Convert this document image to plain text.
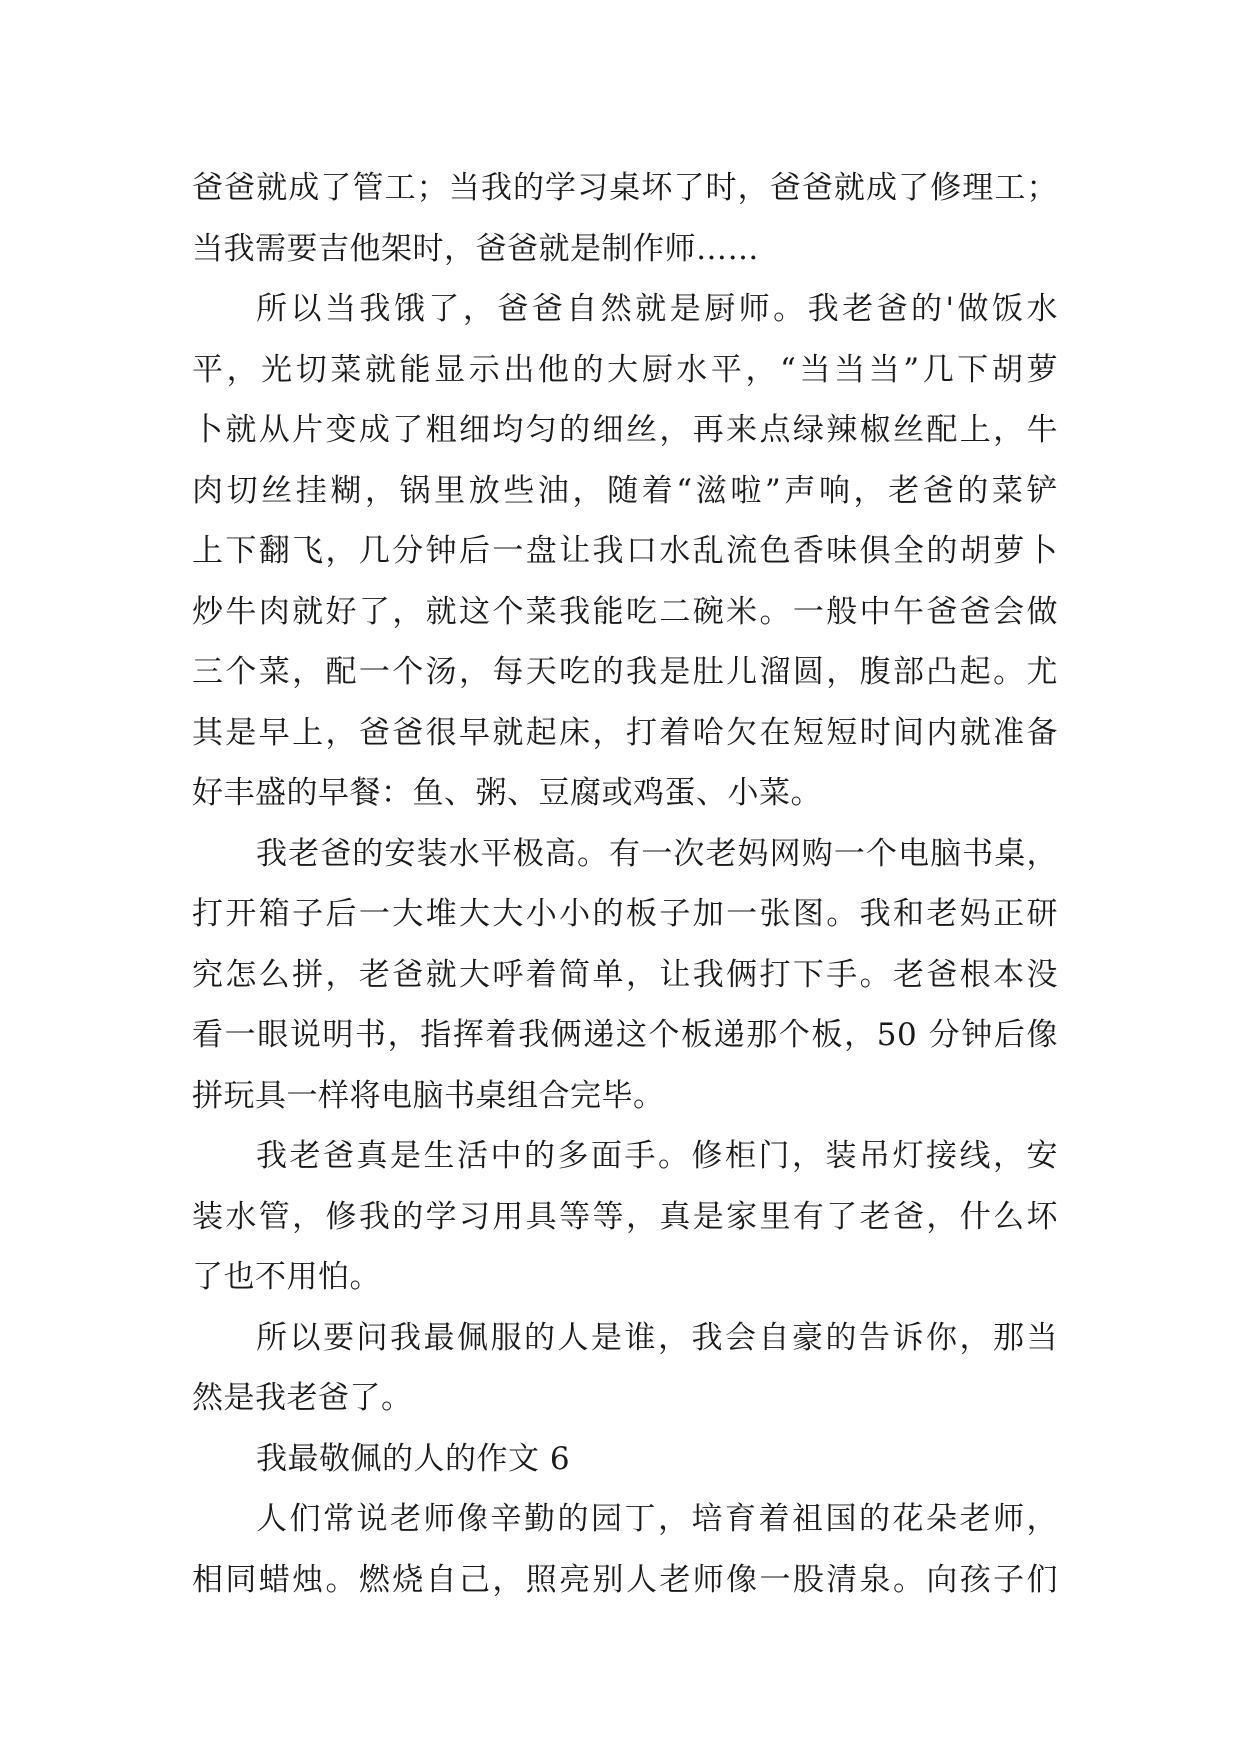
爸爸就成了管工；当我的学习桌坏了时，爸爸就成了修理工；
当我需要吉他架时，爸爸就是制作师……
所以当我饿了，爸爸自然就是厨师。我老爸的'做饭水
平，光切菜就能显示出他的大厨水平，“当当当”几下胡萝
卜就从片变成了粗细均匀的细丝，再来点绿辣椒丝配上，牛
肉切丝挂糊，锅里放些油，随着“滋啦”声响，老爸的菜铲
上下翻飞，几分钟后一盘让我口水乱流色香味俱全的胡萝卜
炒牛肉就好了，就这个菜我能吃二碗米。一般中午爸爸会做
三个菜，配一个汤，每天吃的我是肚儿溜圆，腹部凸起。尤
其是早上，爸爸很早就起床，打着哈欠在短短时间内就准备
好丰盛的早餐：鱼、粥、豆腐或鸡蛋、小菜。
我老爸的安装水平极高。有一次老妈网购一个电脑书桌，
打开箱子后一大堆大大小小的板子加一张图。我和老妈正研
究怎么拼，老爸就大呼着简单，让我俩打下手。老爸根本没
看一眼说明书，指挥着我俩递这个板递那个板，50 分钟后像
拼玩具一样将电脑书桌组合完毕。
我老爸真是生活中的多面手。修柜门，装吊灯接线，安
装水管，修我的学习用具等等，真是家里有了老爸，什么坏
了也不用怕。
所以要问我最佩服的人是谁，我会自豪的告诉你，那当
然是我老爸了。
我最敬佩的人的作文 6
人们常说老师像辛勤的园丁，培育着祖国的花朵老师，
相同蜡烛。燃烧自己，照亮别人老师像一股清泉。向孩子们
